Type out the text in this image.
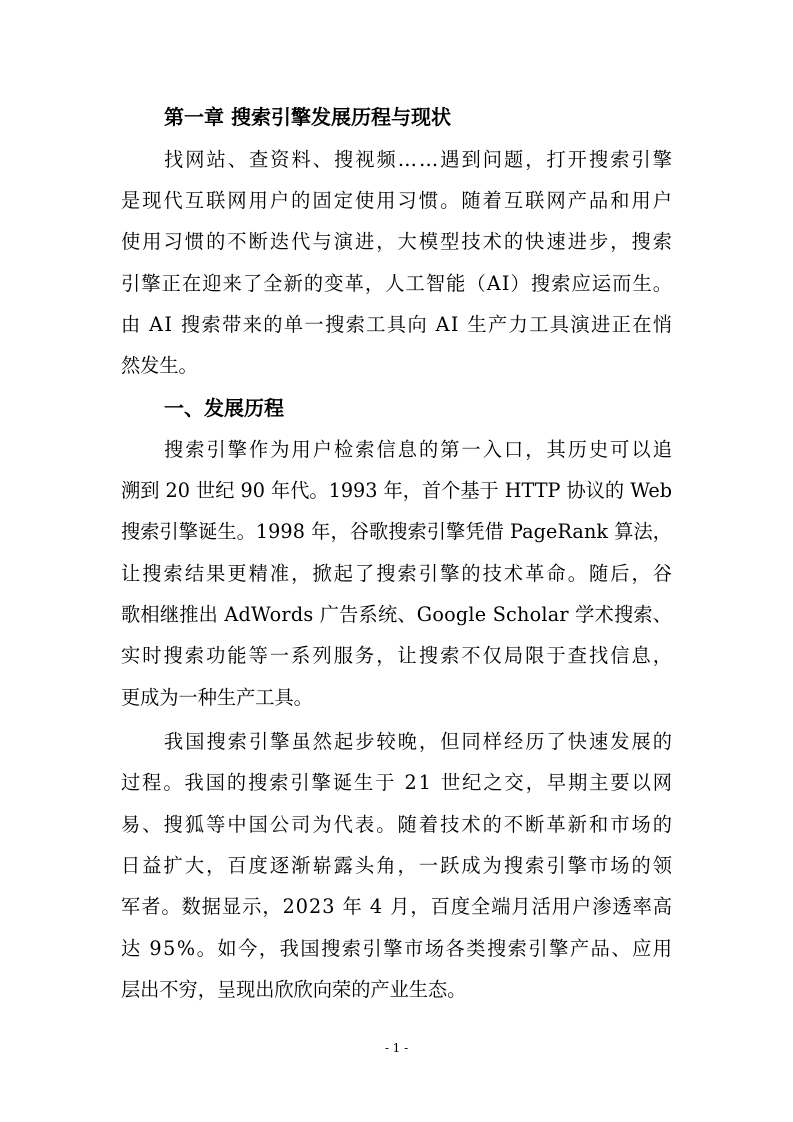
第一章 搜索引擎发展历程与现状
找网站、查资料、搜视频……遇到问题，打开搜索引擎
是现代互联网用户的固定使用习惯。随着互联网产品和用户
使用习惯的不断迭代与演进，大模型技术的快速进步，搜索
引擎正在迎来了全新的变革，人工智能（AI）搜索应运而生。
由 AI 搜索带来的单一搜索工具向 AI 生产力工具演进正在悄
然发生。
一、发展历程
搜索引擎作为用户检索信息的第一入口，其历史可以追
溯到 20 世纪 90 年代。1993 年，首个基于 HTTP 协议的 Web
搜索引擎诞生。1998 年，谷歌搜索引擎凭借 PageRank 算法，
让搜索结果更精准，掀起了搜索引擎的技术革命。随后，谷
歌相继推出 AdWords 广告系统、Google Scholar 学术搜索、
实时搜索功能等一系列服务，让搜索不仅局限于查找信息，
更成为一种生产工具。
我国搜索引擎虽然起步较晚，但同样经历了快速发展的
过程。我国的搜索引擎诞生于 21 世纪之交，早期主要以网
易、搜狐等中国公司为代表。随着技术的不断革新和市场的
日益扩大，百度逐渐崭露头角，一跃成为搜索引擎市场的领
军者。数据显示，2023 年 4 月，百度全端月活用户渗透率高
达 95%。如今，我国搜索引擎市场各类搜索引擎产品、应用
层出不穷，呈现出欣欣向荣的产业生态。
- 1 -
